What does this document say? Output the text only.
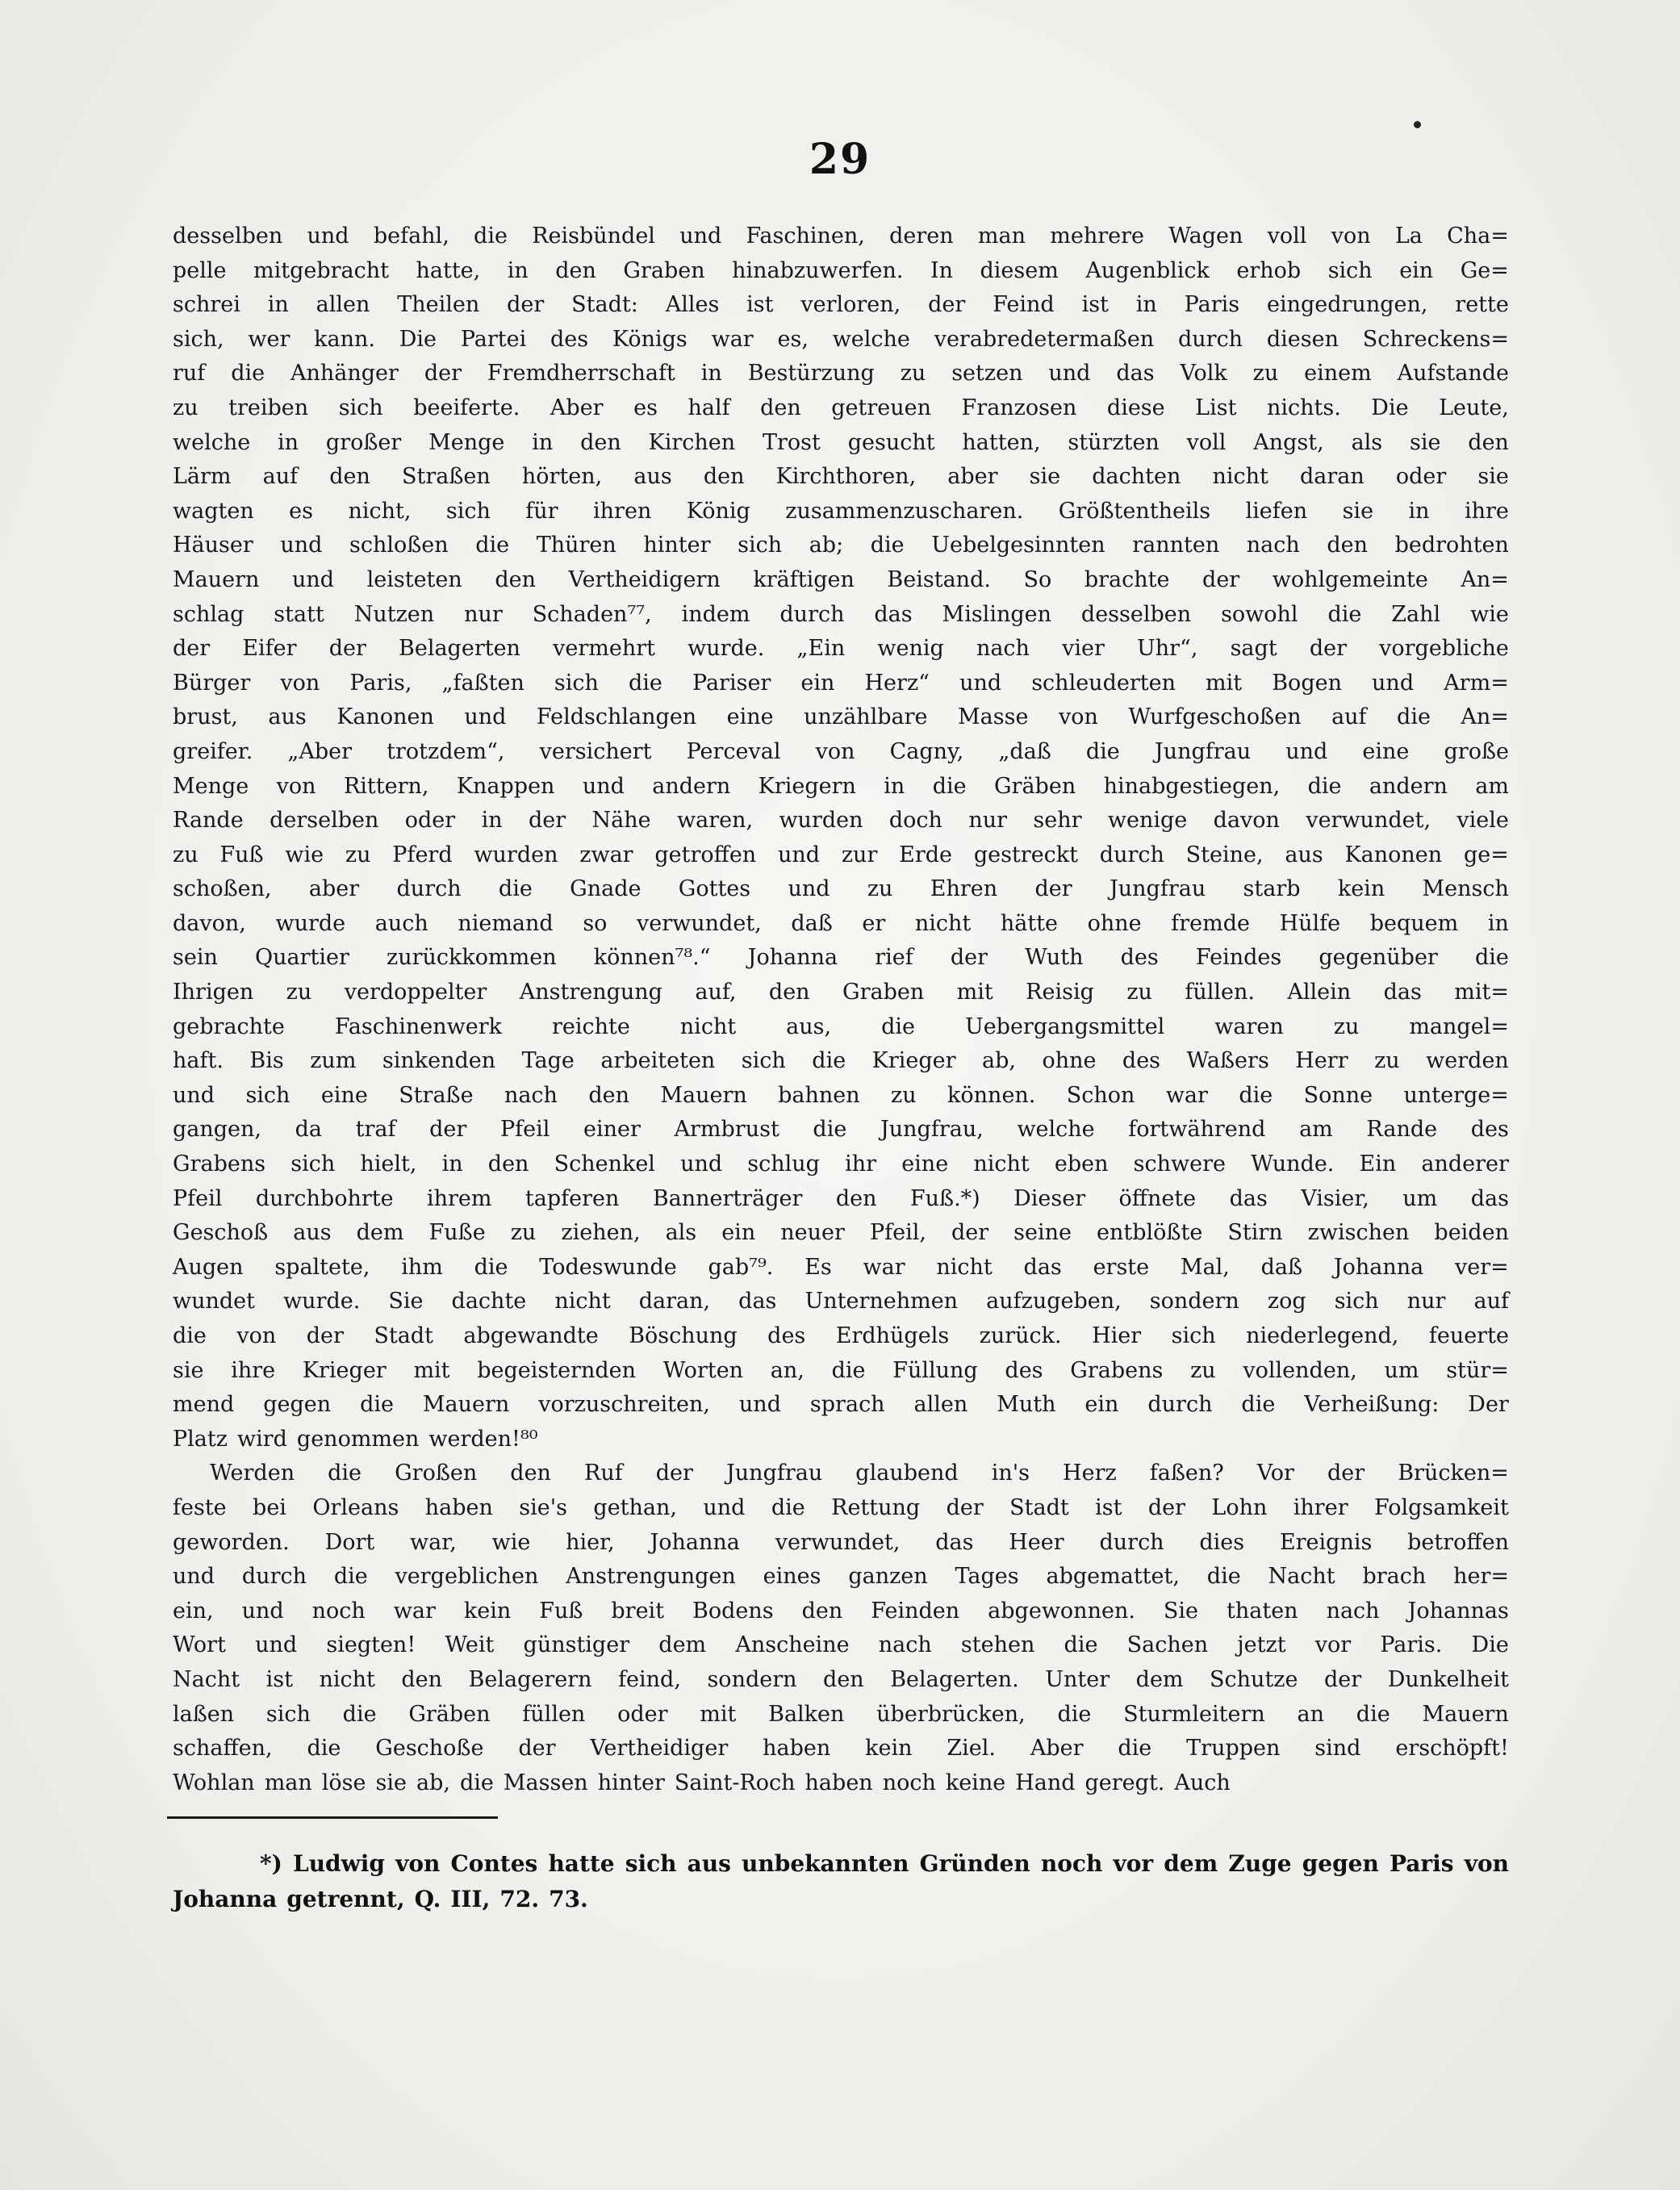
29
desselben und befahl, die Reisbündel und Faschinen, deren man mehrere Wagen voll von La Cha=
pelle mitgebracht hatte, in den Graben hinabzuwerfen. In diesem Augenblick erhob sich ein Ge=
schrei in allen Theilen der Stadt: Alles ist verloren, der Feind ist in Paris eingedrungen, rette
sich, wer kann. Die Partei des Königs war es, welche verabredetermaßen durch diesen Schreckens=
ruf die Anhänger der Fremdherrschaft in Bestürzung zu setzen und das Volk zu einem Aufstande
zu treiben sich beeiferte. Aber es half den getreuen Franzosen diese List nichts. Die Leute,
welche in großer Menge in den Kirchen Trost gesucht hatten, stürzten voll Angst, als sie den
Lärm auf den Straßen hörten, aus den Kirchthoren, aber sie dachten nicht daran oder sie
wagten es nicht, sich für ihren König zusammenzuscharen. Größtentheils liefen sie in ihre
Häuser und schloßen die Thüren hinter sich ab; die Uebelgesinnten rannten nach den bedrohten
Mauern und leisteten den Vertheidigern kräftigen Beistand. So brachte der wohlgemeinte An=
schlag statt Nutzen nur Schaden⁷⁷, indem durch das Mislingen desselben sowohl die Zahl wie
der Eifer der Belagerten vermehrt wurde. „Ein wenig nach vier Uhr“, sagt der vorgebliche
Bürger von Paris, „faßten sich die Pariser ein Herz“ und schleuderten mit Bogen und Arm=
brust, aus Kanonen und Feldschlangen eine unzählbare Masse von Wurfgeschoßen auf die An=
greifer. „Aber trotzdem“, versichert Perceval von Cagny, „daß die Jungfrau und eine große
Menge von Rittern, Knappen und andern Kriegern in die Gräben hinabgestiegen, die andern am
Rande derselben oder in der Nähe waren, wurden doch nur sehr wenige davon verwundet, viele
zu Fuß wie zu Pferd wurden zwar getroffen und zur Erde gestreckt durch Steine, aus Kanonen ge=
schoßen, aber durch die Gnade Gottes und zu Ehren der Jungfrau starb kein Mensch
davon, wurde auch niemand so verwundet, daß er nicht hätte ohne fremde Hülfe bequem in
sein Quartier zurückkommen können⁷⁸.“ Johanna rief der Wuth des Feindes gegenüber die
Ihrigen zu verdoppelter Anstrengung auf, den Graben mit Reisig zu füllen. Allein das mit=
gebrachte Faschinenwerk reichte nicht aus, die Uebergangsmittel waren zu mangel=
haft. Bis zum sinkenden Tage arbeiteten sich die Krieger ab, ohne des Waßers Herr zu werden
und sich eine Straße nach den Mauern bahnen zu können. Schon war die Sonne unterge=
gangen, da traf der Pfeil einer Armbrust die Jungfrau, welche fortwährend am Rande des
Grabens sich hielt, in den Schenkel und schlug ihr eine nicht eben schwere Wunde. Ein anderer
Pfeil durchbohrte ihrem tapferen Bannerträger den Fuß.*) Dieser öffnete das Visier, um das
Geschoß aus dem Fuße zu ziehen, als ein neuer Pfeil, der seine entblößte Stirn zwischen beiden
Augen spaltete, ihm die Todeswunde gab⁷⁹. Es war nicht das erste Mal, daß Johanna ver=
wundet wurde. Sie dachte nicht daran, das Unternehmen aufzugeben, sondern zog sich nur auf
die von der Stadt abgewandte Böschung des Erdhügels zurück. Hier sich niederlegend, feuerte
sie ihre Krieger mit begeisternden Worten an, die Füllung des Grabens zu vollenden, um stür=
mend gegen die Mauern vorzuschreiten, und sprach allen Muth ein durch die Verheißung: Der
Platz wird genommen werden!⁸⁰
Werden die Großen den Ruf der Jungfrau glaubend in's Herz faßen? Vor der Brücken=
feste bei Orleans haben sie's gethan, und die Rettung der Stadt ist der Lohn ihrer Folgsamkeit
geworden. Dort war, wie hier, Johanna verwundet, das Heer durch dies Ereignis betroffen
und durch die vergeblichen Anstrengungen eines ganzen Tages abgemattet, die Nacht brach her=
ein, und noch war kein Fuß breit Bodens den Feinden abgewonnen. Sie thaten nach Johannas
Wort und siegten! Weit günstiger dem Anscheine nach stehen die Sachen jetzt vor Paris. Die
Nacht ist nicht den Belagerern feind, sondern den Belagerten. Unter dem Schutze der Dunkelheit
laßen sich die Gräben füllen oder mit Balken überbrücken, die Sturmleitern an die Mauern
schaffen, die Geschoße der Vertheidiger haben kein Ziel. Aber die Truppen sind erschöpft!
Wohlan man löse sie ab, die Massen hinter Saint-Roch haben noch keine Hand geregt. Auch
*) Ludwig von Contes hatte sich aus unbekannten Gründen noch vor dem Zuge gegen Paris von
Johanna getrennt, Q. III, 72. 73.
